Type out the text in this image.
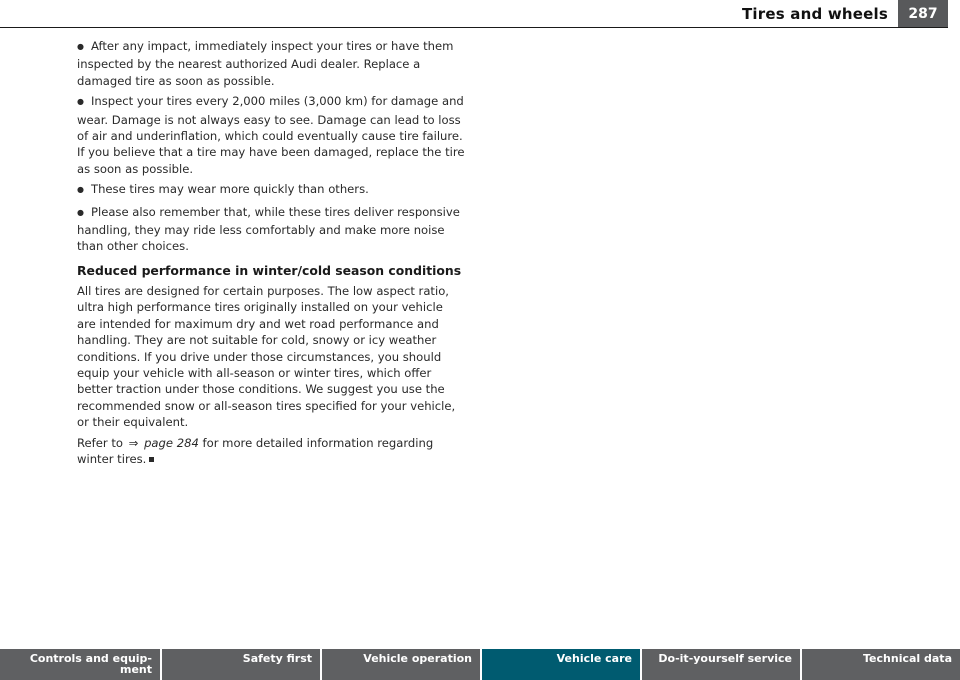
Tires and wheels	287

● After any impact, immediately inspect your tires or have them inspected by the nearest authorized Audi dealer. Replace a damaged tire as soon as possible.

● Inspect your tires every 2,000 miles (3,000 km) for damage and wear. Damage is not always easy to see. Damage can lead to loss of air and underinflation, which could eventually cause tire failure. If you believe that a tire may have been damaged, replace the tire as soon as possible.

● These tires may wear more quickly than others.

● Please also remember that, while these tires deliver responsive handling, they may ride less comfortably and make more noise than other choices.

Reduced performance in winter/cold season conditions

All tires are designed for certain purposes. The low aspect ratio, ultra high performance tires originally installed on your vehicle are intended for maximum dry and wet road performance and handling. They are not suitable for cold, snowy or icy weather conditions. If you drive under those circumstances, you should equip your vehicle with all-season or winter tires, which offer better traction under those conditions. We suggest you use the recommended snow or all-season tires specified for your vehicle, or their equivalent.

Refer to ⇒ page 284 for more detailed information regarding winter tires.

Controls and equip-
ment
Safety first	Vehicle operation	Vehicle care Do-it-yourself service	Technical data
